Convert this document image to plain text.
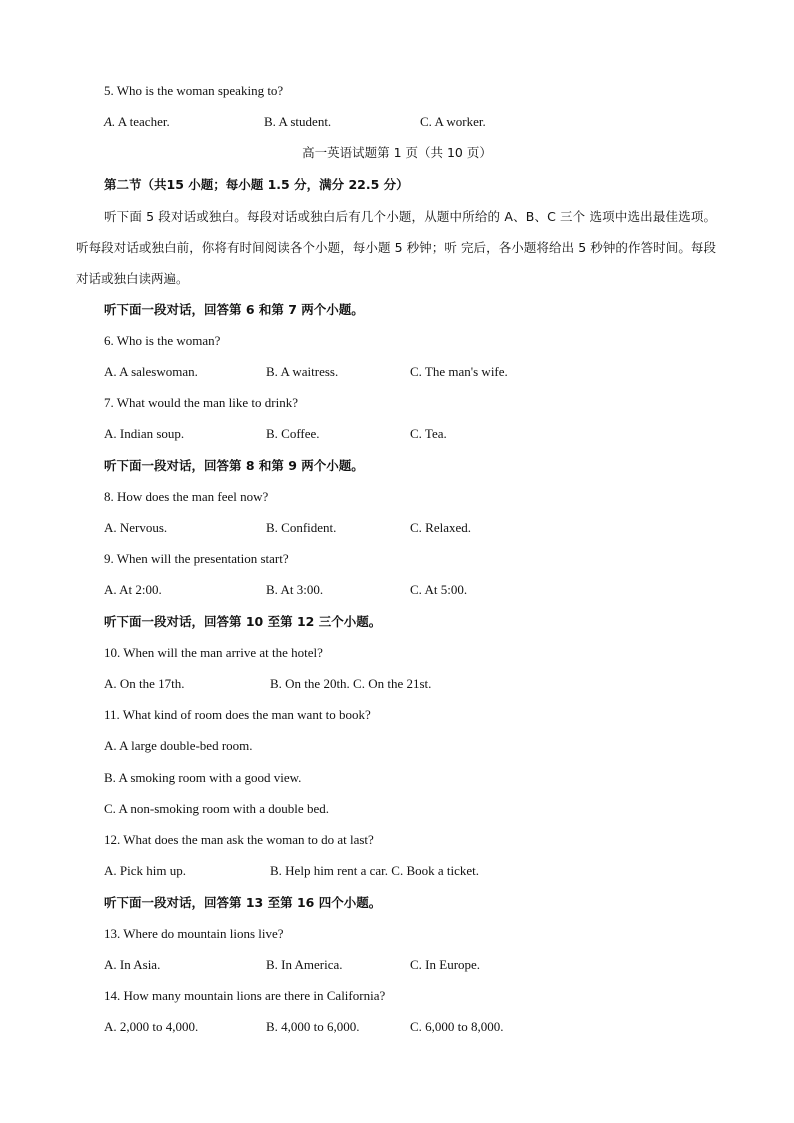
5. Who is the woman speaking to?
A. A teacher.	B. A student.	C. A worker.
高一英语试题第 1 页（共 10 页）
第二节（共15 小题；每小题 1.5 分，满分 22.5 分）
听下面 5 段对话或独白。每段对话或独白后有几个小题，从题中所给的 A、B、C 三个 选项中选出最佳选项。听每段对话或独白前，你将有时间阅读各个小题，每小题 5 秒钟；听 完后，各小题将给出 5 秒钟的作答时间。每段对话或独白读两遍。
听下面一段对话，回答第 6 和第 7 两个小题。
6. Who is the woman?
A. A saleswoman.	B. A waitress.	C. The man's wife.
7. What would the man like to drink?
A. Indian soup.	B. Coffee.	C. Tea.
听下面一段对话，回答第 8 和第 9 两个小题。
8. How does the man feel now?
A. Nervous.	B. Confident.	C. Relaxed.
9. When will the presentation start?
A. At 2:00.	B. At 3:00.	C. At 5:00.
听下面一段对话，回答第 10 至第 12 三个小题。
10. When will the man arrive at the hotel?
A. On the 17th.	B. On the 20th. C. On the 21st.
11. What kind of room does the man want to book?
A. A large double-bed room.
B. A smoking room with a good view.
C. A non-smoking room with a double bed.
12. What does the man ask the woman to do at last?
A. Pick him up.	B. Help him rent a car. C. Book a ticket.
听下面一段对话，回答第 13 至第 16 四个小题。
13. Where do mountain lions live?
A. In Asia.	B. In America.	C. In Europe.
14. How many mountain lions are there in California?
A. 2,000 to 4,000.	B. 4,000 to 6,000.	C. 6,000 to 8,000.
